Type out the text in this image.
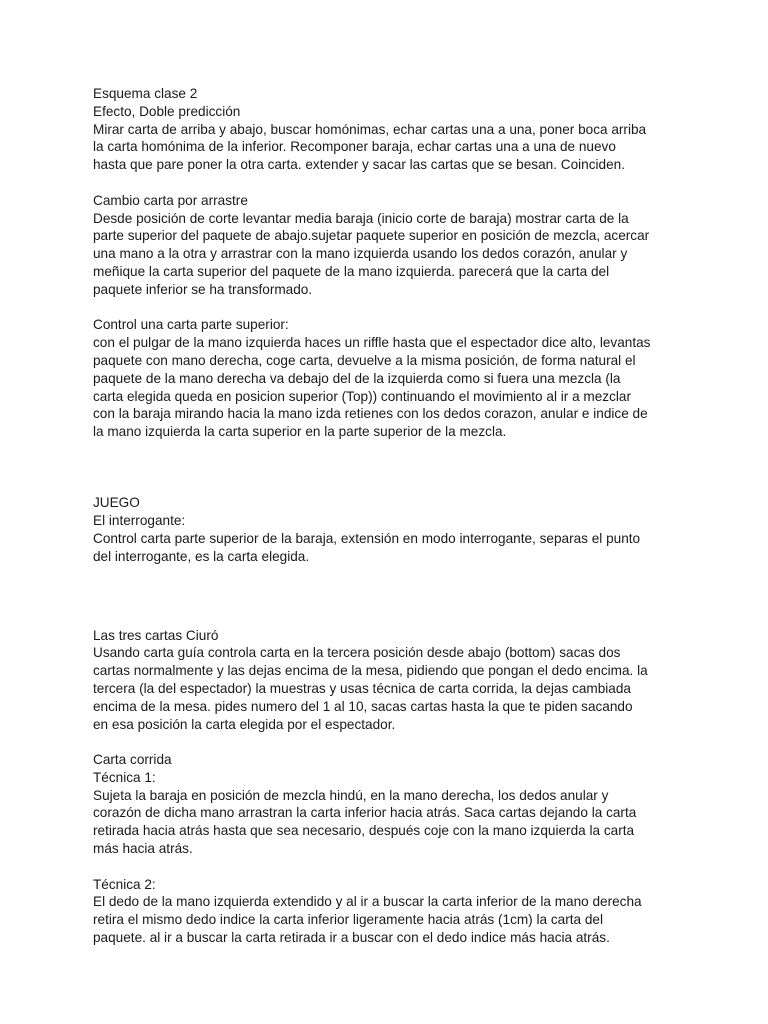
Esquema clase 2
Efecto, Doble predicción
Mirar carta de arriba y abajo, buscar homónimas, echar cartas una a una, poner boca arriba
la carta homónima de la inferior. Recomponer baraja, echar cartas una a una de nuevo
hasta que pare poner la otra carta. extender y sacar las cartas que se besan. Coinciden.
Cambio carta por arrastre
Desde posición de corte levantar media baraja (inicio corte de baraja) mostrar carta de la
parte superior del paquete de abajo.sujetar paquete superior en posición de mezcla, acercar
una mano a la otra y arrastrar con la mano izquierda usando los dedos corazón, anular y
meñique la carta superior del paquete de la mano izquierda. parecerá que la carta del
paquete inferior se ha transformado.
Control una carta parte superior:
con el pulgar de la mano izquierda haces un riffle hasta que el espectador dice alto, levantas
paquete con mano derecha, coge carta, devuelve a la misma posición, de forma natural el
paquete de la mano derecha va debajo del de la izquierda como si fuera una mezcla (la
carta elegida queda en posicion superior (Top)) continuando el movimiento al ir a mezclar
con la baraja mirando hacia la mano izda retienes con los dedos corazon, anular e indice de
la mano izquierda la carta superior en la parte superior de la mezcla.
JUEGO
El interrogante:
Control carta parte superior de la baraja, extensión en modo interrogante, separas el punto
del interrogante, es la carta elegida.
Las tres cartas Ciuró
Usando carta guía controla carta en la tercera posición desde abajo (bottom) sacas dos
cartas normalmente y las dejas encima de la mesa, pidiendo que pongan el dedo encima. la
tercera (la del espectador) la muestras y usas técnica de carta corrida, la dejas cambiada
encima de la mesa. pides numero del 1 al 10, sacas cartas hasta la que te piden sacando
en esa posición la carta elegida por el espectador.
Carta corrida
Técnica 1:
Sujeta la baraja en posición de mezcla hindú, en la mano derecha, los dedos anular y
corazón de dicha mano arrastran la carta inferior hacia atrás. Saca cartas dejando la carta
retirada hacia atrás hasta que sea necesario, después coje con la mano izquierda la carta
más hacia atrás.
Técnica 2:
El dedo de la mano izquierda extendido y al ir a buscar la carta inferior de la mano derecha
retira el mismo dedo indice la carta inferior ligeramente hacia atrás (1cm) la carta del
paquete. al ir a buscar la carta retirada ir a buscar con el dedo indice más hacia atrás.
